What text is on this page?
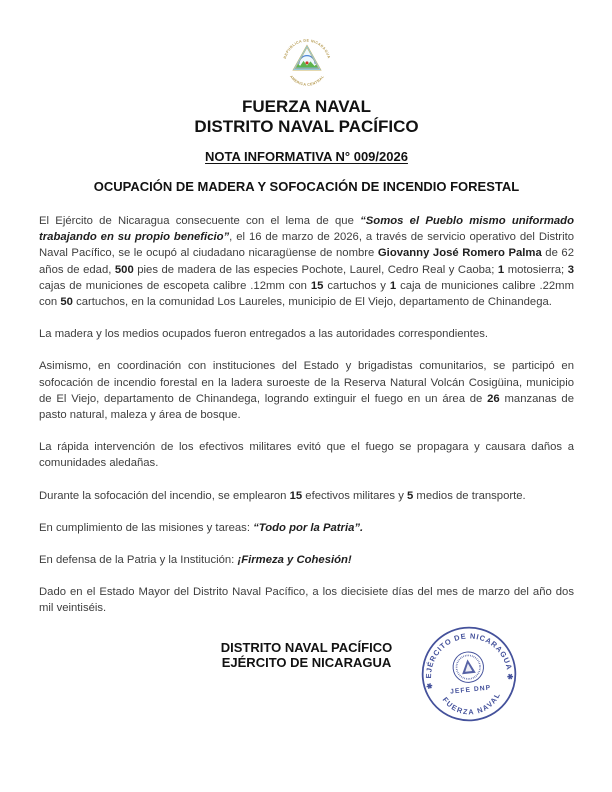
REPUBLICA DE NICARAGUA
AMERICA CENTRAL
FUERZA NAVAL
DISTRITO NAVAL PACÍFICO
NOTA INFORMATIVA N° 009/2026
OCUPACIÓN DE MADERA Y SOFOCACIÓN DE INCENDIO FORESTAL

El Ejército de Nicaragua consecuente con el lema de que “Somos el Pueblo mismo uniformado trabajando en su propio beneficio”, el 16 de marzo de 2026, a través de servicio operativo del Distrito Naval Pacífico, se le ocupó al ciudadano nicaragüense de nombre Giovanny José Romero Palma de 62 años de edad, 500 pies de madera de las especies Pochote, Laurel, Cedro Real y Caoba; 1 motosierra; 3 cajas de municiones de escopeta calibre .12mm con 15 cartuchos y 1 caja de municiones calibre .22mm con 50 cartuchos, en la comunidad Los Laureles, municipio de El Viejo, departamento de Chinandega.

La madera y los medios ocupados fueron entregados a las autoridades correspondientes.

Asimismo, en coordinación con instituciones del Estado y brigadistas comunitarios, se participó en sofocación de incendio forestal en la ladera suroeste de la Reserva Natural Volcán Cosigüina, municipio de El Viejo, departamento de Chinandega, logrando extinguir el fuego en un área de 26 manzanas de pasto natural, maleza y área de bosque.

La rápida intervención de los efectivos militares evitó que el fuego se propagara y causara daños a comunidades aledañas.

Durante la sofocación del incendio, se emplearon 15 efectivos militares y 5 medios de transporte.

En cumplimiento de las misiones y tareas: “Todo por la Patria”.

En defensa de la Patria y la Institución: ¡Firmeza y Cohesión!

Dado en el Estado Mayor del Distrito Naval Pacífico, a los diecisiete días del mes de marzo del año dos mil veintiséis.

DISTRITO NAVAL PACÍFICO
EJÉRCITO DE NICARAGUA
✱ EJÉRCITO DE NICARAGUA ✱
FUERZA NAVAL
JEFE DNP
